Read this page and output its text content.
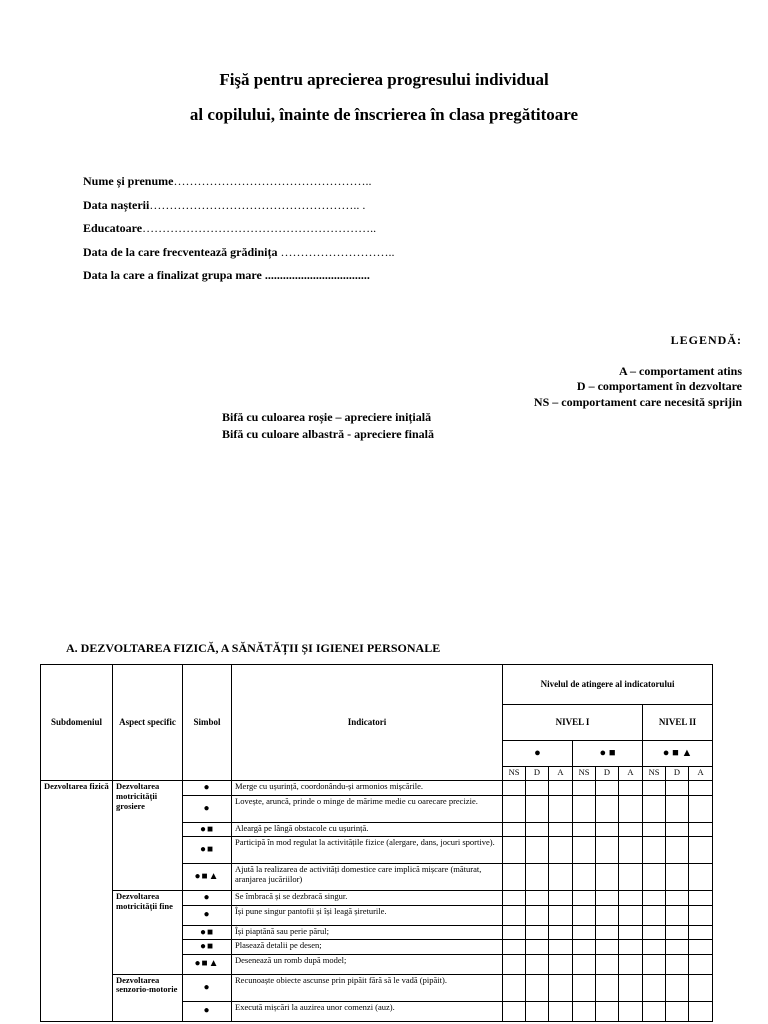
Fişă pentru aprecierea progresului individual
al copilului, înainte de înscrierea în clasa pregătitoare
Nume și prenume…………………………………………..
Data nașterii…………………………………………….. .
Educatoare…………………………………………………..
Data de la care frecventează grădinița ………………………..
Data la care a finalizat grupa mare ...................................
LEGENDĂ:
A – comportament atins
D – comportament în dezvoltare
NS – comportament care necesită sprijin
Bifă cu culoarea roșie – apreciere inițială
Bifă cu culoare albastră - apreciere finală
A. DEZVOLTAREA FIZICĂ, A SĂNĂTĂȚII ȘI IGIENEI PERSONALE
Subdomeniul	Aspect specific	Simbol	Indicatori	Nivelul de atingere al indicatorului								
				NIVEL I						NIVEL II		
				●			● ■			● ■ ▲		
				NS	D	A	NS	D	A	NS	D	A
Dezvoltarea fizică	Dezvoltarea motricității grosiere	●	Merge cu ușurință, coordonându-și armonios mișcările.									
		●	Lovește, aruncă, prinde o minge de mărime medie cu oarecare precizie.									
		●■	Aleargă pe lângă obstacole cu ușurință.									
		●■	Participă în mod regulat la activitățile fizice (alergare, dans, jocuri sportive).									
		●■▲	Ajută la realizarea de activități domestice care implică mișcare (măturat, aranjarea jucăriilor)									
	Dezvoltarea motricității fine	●	Se îmbracă și se dezbracă singur.									
		●	Își pune singur pantofii și își leagă șireturile.									
		●■	Își piaptănă sau perie părul;									
		●■	Plasează detalii pe desen;									
		●■▲	Desenează un romb după model;									
	Dezvoltarea senzorio-motorie	●	Recunoaște obiecte ascunse prin pipăit fără să le vadă (pipăit).									
		●	Execută mișcări la auzirea unor comenzi (auz).									
